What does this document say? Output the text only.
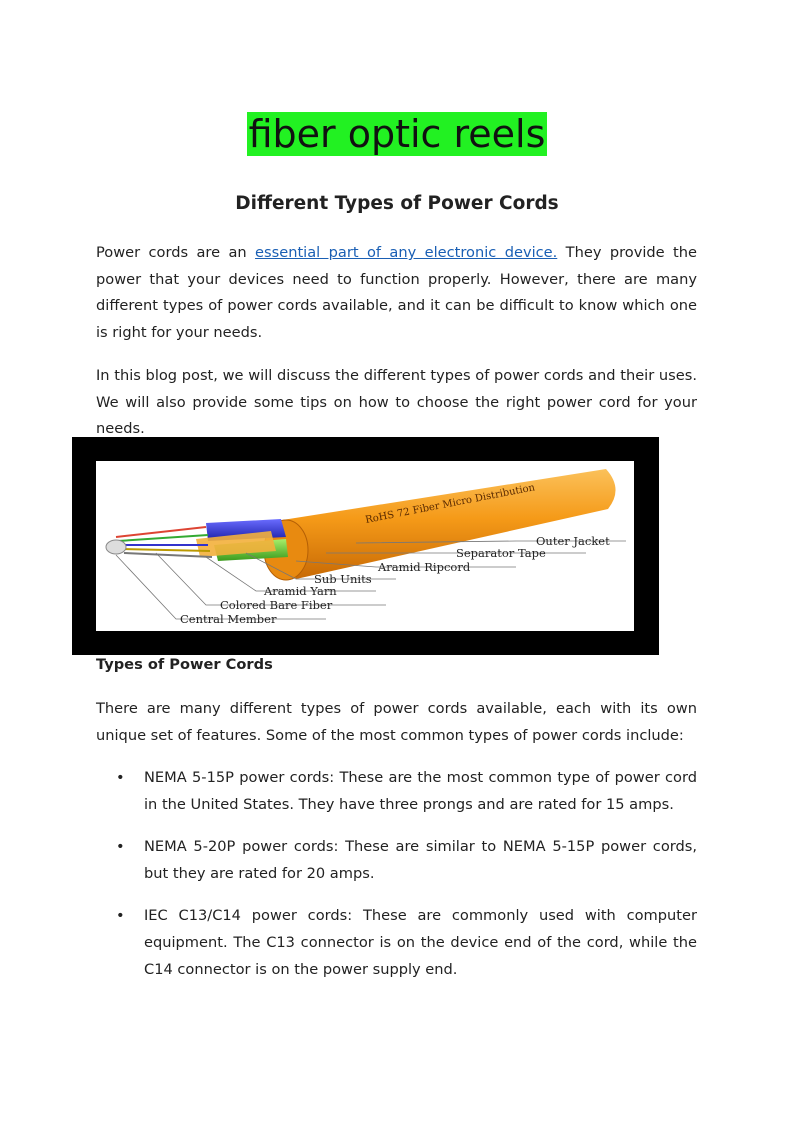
fiber optic reels
Different Types of Power Cords

Power cords are an essential part of any electronic device. They provide the power that your devices need to function properly. However, there are many different types of power cords available, and it can be difficult to know which one is right for your needs.

In this blog post, we will discuss the different types of power cords and their uses. We will also provide some tips on how to choose the right power cord for your needs.

RoHS 72 Fiber Micro Distribution
Outer Jacket
Separator Tape
Aramid Ripcord
Sub Units
Aramid Yarn
Colored Bare Fiber
Central Member
Types of Power Cords

There are many different types of power cords available, each with its own unique set of features. Some of the most common types of power cords include:

• NEMA 5-15P power cords: These are the most common type of power cord in the United States. They have three prongs and are rated for 15 amps.
• NEMA 5-20P power cords: These are similar to NEMA 5-15P power cords, but they are rated for 20 amps.
• IEC C13/C14 power cords: These are commonly used with computer equipment. The C13 connector is on the device end of the cord, while the C14 connector is on the power supply end.
